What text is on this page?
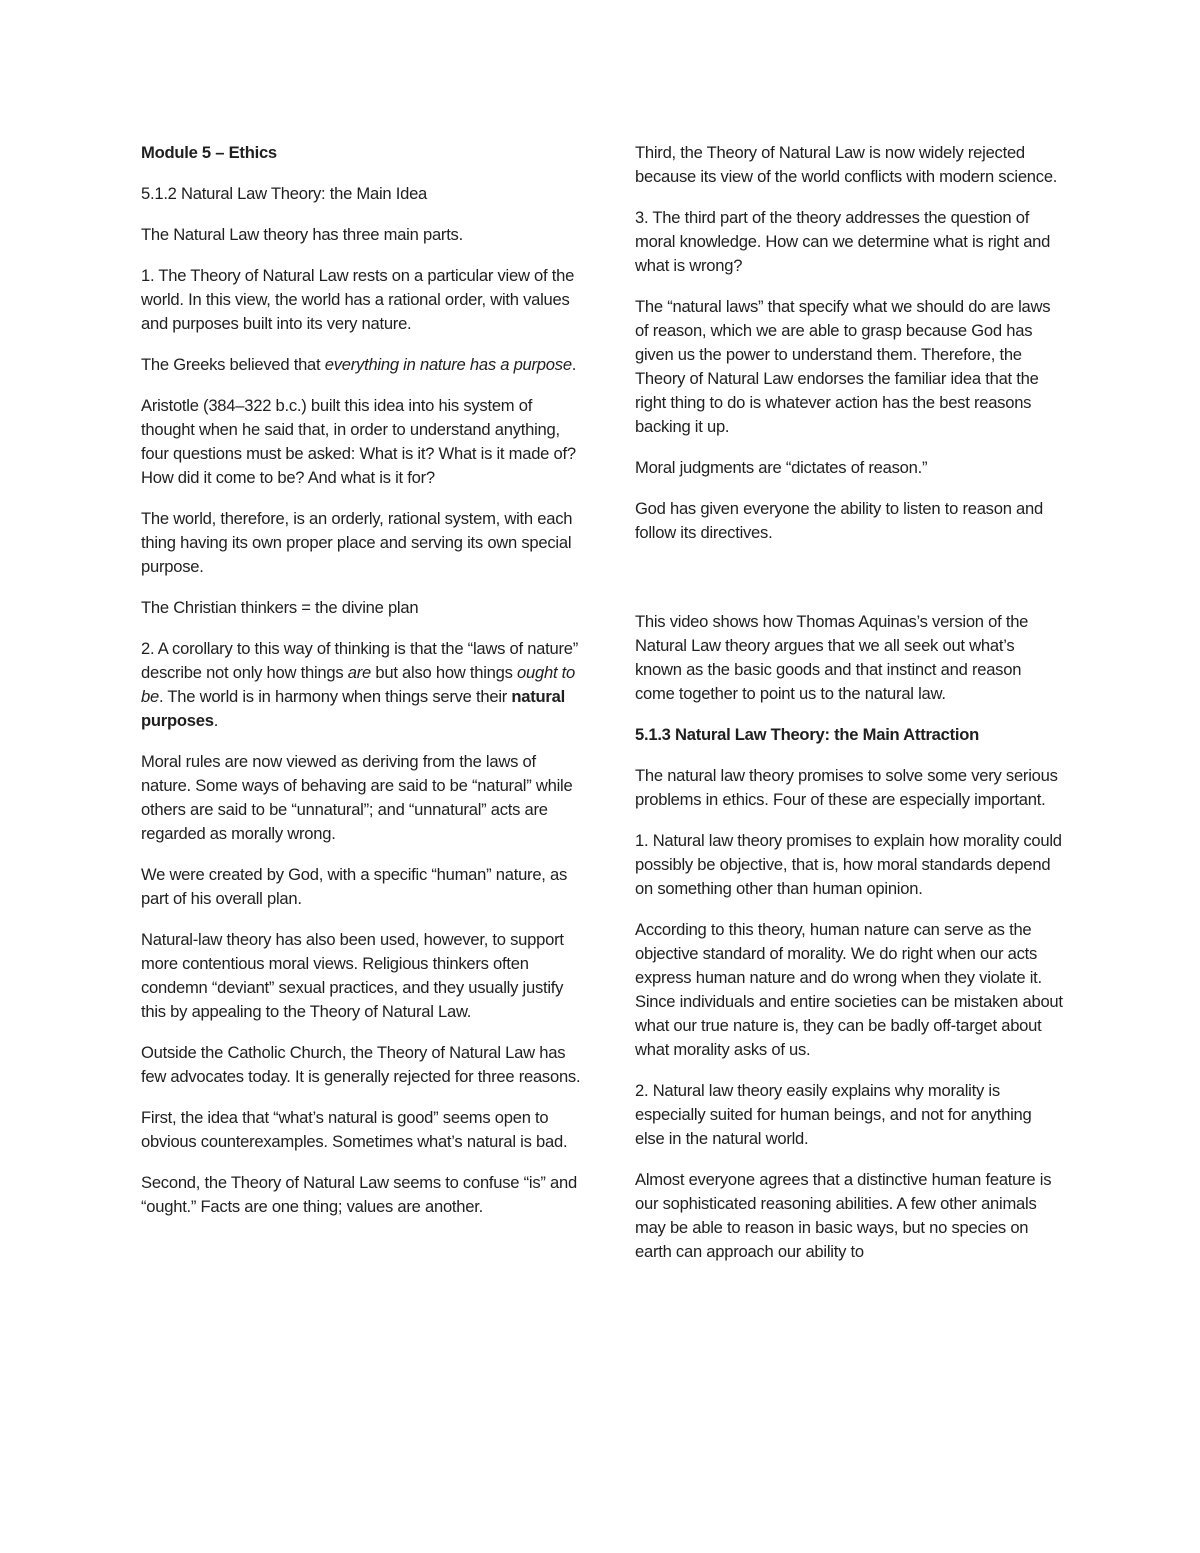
Module 5 – Ethics

5.1.2 Natural Law Theory: the Main Idea

The Natural Law theory has three main parts.

1. The Theory of Natural Law rests on a particular view of the world. In this view, the world has a rational order, with values and purposes built into its very nature.

The Greeks believed that everything in nature has a purpose.

Aristotle (384–322 b.c.) built this idea into his system of thought when he said that, in order to understand anything, four questions must be asked: What is it? What is it made of? How did it come to be? And what is it for?

The world, therefore, is an orderly, rational system, with each thing having its own proper place and serving its own special purpose.

The Christian thinkers = the divine plan

2. A corollary to this way of thinking is that the “laws of nature” describe not only how things are but also how things ought to be. The world is in harmony when things serve their natural purposes.

Moral rules are now viewed as deriving from the laws of nature. Some ways of behaving are said to be “natural” while others are said to be “unnatural”; and “unnatural” acts are regarded as morally wrong.

We were created by God, with a specific “human” nature, as part of his overall plan.

Natural-law theory has also been used, however, to support more contentious moral views. Religious thinkers often condemn “deviant” sexual practices, and they usually justify this by appealing to the Theory of Natural Law.

Outside the Catholic Church, the Theory of Natural Law has few advocates today. It is generally rejected for three reasons.

First, the idea that “what’s natural is good” seems open to obvious counterexamples. Sometimes what’s natural is bad.

Second, the Theory of Natural Law seems to confuse “is” and “ought.” Facts are one thing; values are another.

Third, the Theory of Natural Law is now widely rejected because its view of the world conflicts with modern science.

3. The third part of the theory addresses the question of moral knowledge. How can we determine what is right and what is wrong?

The “natural laws” that specify what we should do are laws of reason, which we are able to grasp because God has given us the power to understand them. Therefore, the Theory of Natural Law endorses the familiar idea that the right thing to do is whatever action has the best reasons backing it up.

Moral judgments are “dictates of reason.”

God has given everyone the ability to listen to reason and follow its directives.

This video shows how Thomas Aquinas’s version of the Natural Law theory argues that we all seek out what’s known as the basic goods and that instinct and reason come together to point us to the natural law.

5.1.3 Natural Law Theory: the Main Attraction

The natural law theory promises to solve some very serious problems in ethics. Four of these are especially important.

1. Natural law theory promises to explain how morality could possibly be objective, that is, how moral standards depend on something other than human opinion.

According to this theory, human nature can serve as the objective standard of morality. We do right when our acts express human nature and do wrong when they violate it. Since individuals and entire societies can be mistaken about what our true nature is, they can be badly off-target about what morality asks of us.

2. Natural law theory easily explains why morality is especially suited for human beings, and not for anything else in the natural world.

Almost everyone agrees that a distinctive human feature is our sophisticated reasoning abilities. A few other animals may be able to reason in basic ways, but no species on earth can approach our ability to
